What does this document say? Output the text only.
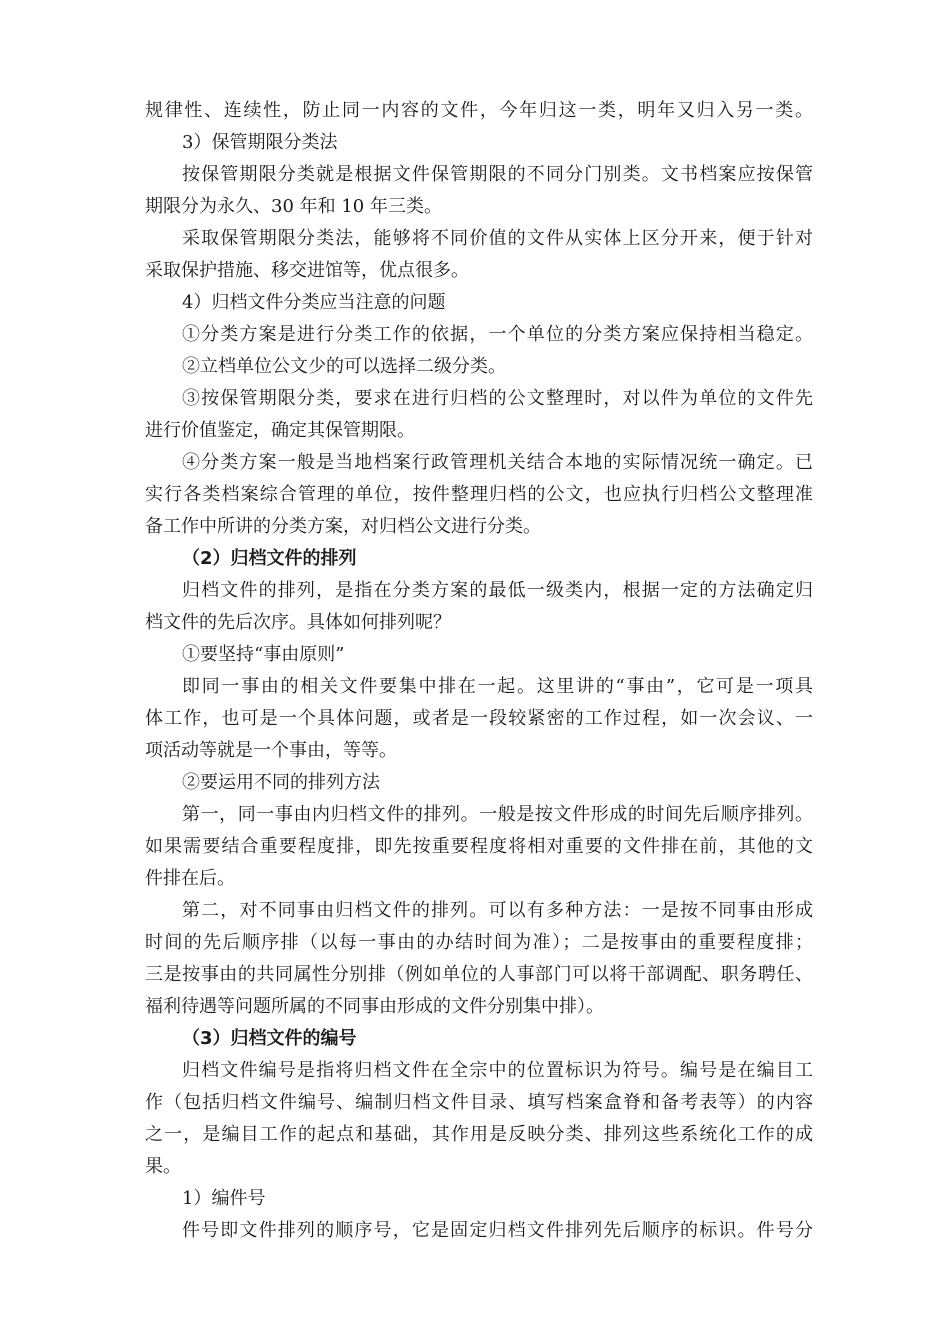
规律性、连续性，防止同一内容的文件，今年归这一类，明年又归入另一类。
3）保管期限分类法
按保管期限分类就是根据文件保管期限的不同分门别类。文书档案应按保管
期限分为永久、30 年和 10 年三类。
采取保管期限分类法，能够将不同价值的文件从实体上区分开来，便于针对
采取保护措施、移交进馆等，优点很多。
4）归档文件分类应当注意的问题
①分类方案是进行分类工作的依据，一个单位的分类方案应保持相当稳定。
②立档单位公文少的可以选择二级分类。
③按保管期限分类，要求在进行归档的公文整理时，对以件为单位的文件先
进行价值鉴定，确定其保管期限。
④分类方案一般是当地档案行政管理机关结合本地的实际情况统一确定。已
实行各类档案综合管理的单位，按件整理归档的公文，也应执行归档公文整理准
备工作中所讲的分类方案，对归档公文进行分类。
（2）归档文件的排列
归档文件的排列，是指在分类方案的最低一级类内，根据一定的方法确定归
档文件的先后次序。具体如何排列呢？
①要坚持“事由原则”
即同一事由的相关文件要集中排在一起。这里讲的“事由”，它可是一项具
体工作，也可是一个具体问题，或者是一段较紧密的工作过程，如一次会议、一
项活动等就是一个事由，等等。
②要运用不同的排列方法
第一，同一事由内归档文件的排列。一般是按文件形成的时间先后顺序排列。
如果需要结合重要程度排，即先按重要程度将相对重要的文件排在前，其他的文
件排在后。
第二，对不同事由归档文件的排列。可以有多种方法：一是按不同事由形成
时间的先后顺序排（以每一事由的办结时间为准）；二是按事由的重要程度排；
三是按事由的共同属性分别排（例如单位的人事部门可以将干部调配、职务聘任、
福利待遇等问题所属的不同事由形成的文件分别集中排）。
（3）归档文件的编号
归档文件编号是指将归档文件在全宗中的位置标识为符号。编号是在编目工
作（包括归档文件编号、编制归档文件目录、填写档案盒脊和备考表等）的内容
之一，是编目工作的起点和基础，其作用是反映分类、排列这些系统化工作的成
果。
1）编件号
件号即文件排列的顺序号，它是固定归档文件排列先后顺序的标识。件号分
